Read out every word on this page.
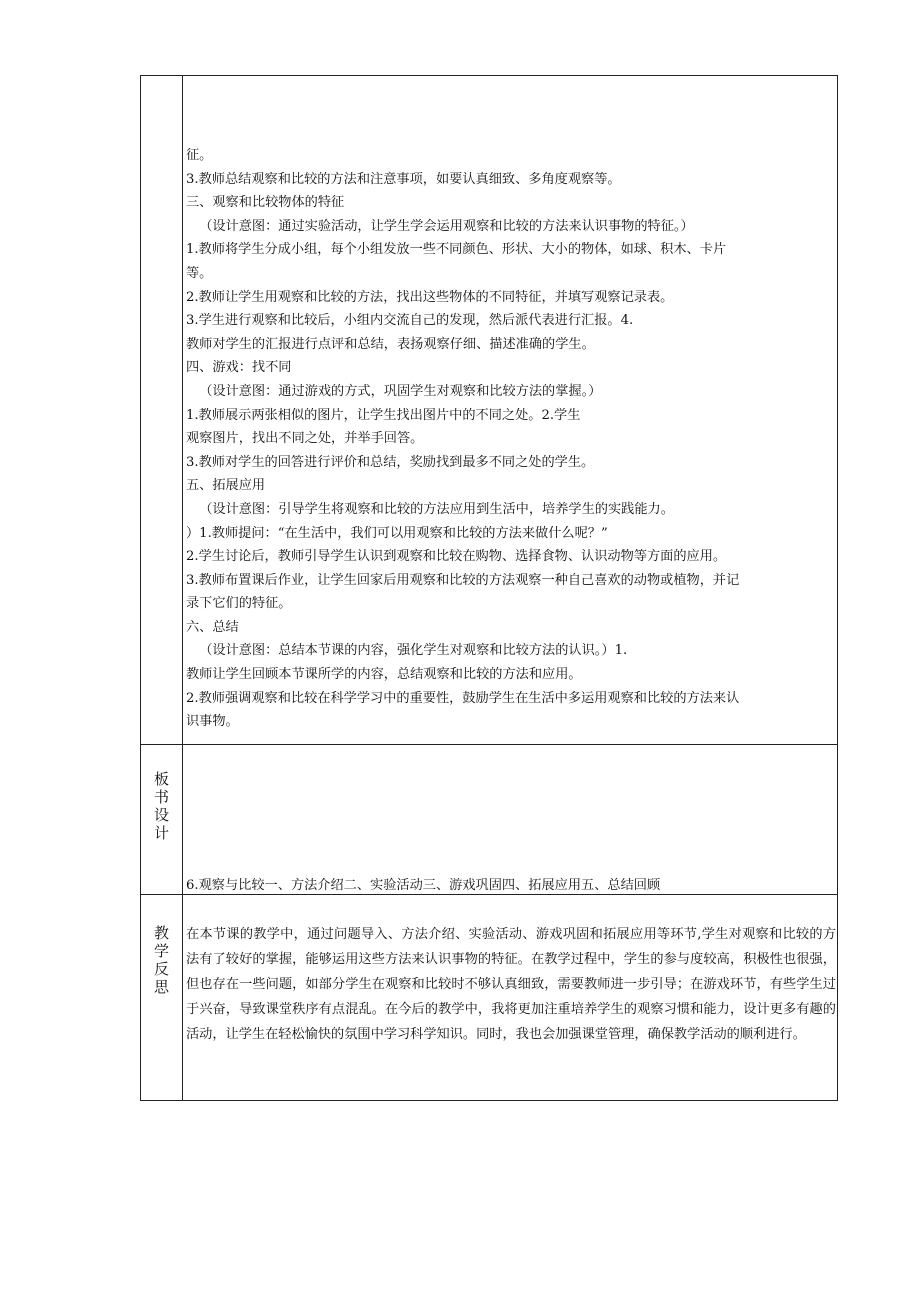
征。

3.教师总结观察和比较的方法和注意事项，如要认真细致、多角度观察等。

三、观察和比较物体的特征

（设计意图：通过实验活动，让学生学会运用观察和比较的方法来认识事物的特征。）

1.教师将学生分成小组，每个小组发放一些不同颜色、形状、大小的物体，如球、积木、卡片

等。

2.教师让学生用观察和比较的方法，找出这些物体的不同特征，并填写观察记录表。

3.学生进行观察和比较后，小组内交流自己的发现，然后派代表进行汇报。4.

教师对学生的汇报进行点评和总结，表扬观察仔细、描述准确的学生。

四、游戏：找不同

（设计意图：通过游戏的方式，巩固学生对观察和比较方法的掌握。）

1.教师展示两张相似的图片，让学生找出图片中的不同之处。2.学生

观察图片，找出不同之处，并举手回答。

3.教师对学生的回答进行评价和总结，奖励找到最多不同之处的学生。

五、拓展应用

（设计意图：引导学生将观察和比较的方法应用到生活中，培养学生的实践能力。

）1.教师提问：“在生活中，我们可以用观察和比较的方法来做什么呢？”

2.学生讨论后，教师引导学生认识到观察和比较在购物、选择食物、认识动物等方面的应用。

3.教师布置课后作业，让学生回家后用观察和比较的方法观察一种自己喜欢的动物或植物，并记

录下它们的特征。

六、总结

（设计意图：总结本节课的内容，强化学生对观察和比较方法的认识。）1.

教师让学生回顾本节课所学的内容，总结观察和比较的方法和应用。

2.教师强调观察和比较在科学学习中的重要性，鼓励学生在生活中多运用观察和比较的方法来认

识事物。

板
书
设
计

6.观察与比较一、方法介绍二、实验活动三、游戏巩固四、拓展应用五、总结回顾

教
学
反
思

在本节课的教学中，通过问题导入、方法介绍、实验活动、游戏巩固和拓展应用等环节,学生对观察和比较的方法有了较好的掌握，能够运用这些方法来认识事物的特征。在教学过程中，学生的参与度较高，积极性也很强，但也存在一些问题，如部分学生在观察和比较时不够认真细致，需要教师进一步引导；在游戏环节，有些学生过于兴奋，导致课堂秩序有点混乱。在今后的教学中，我将更加注重培养学生的观察习惯和能力，设计更多有趣的活动，让学生在轻松愉快的氛围中学习科学知识。同时，我也会加强课堂管理，确保教学活动的顺利进行。
